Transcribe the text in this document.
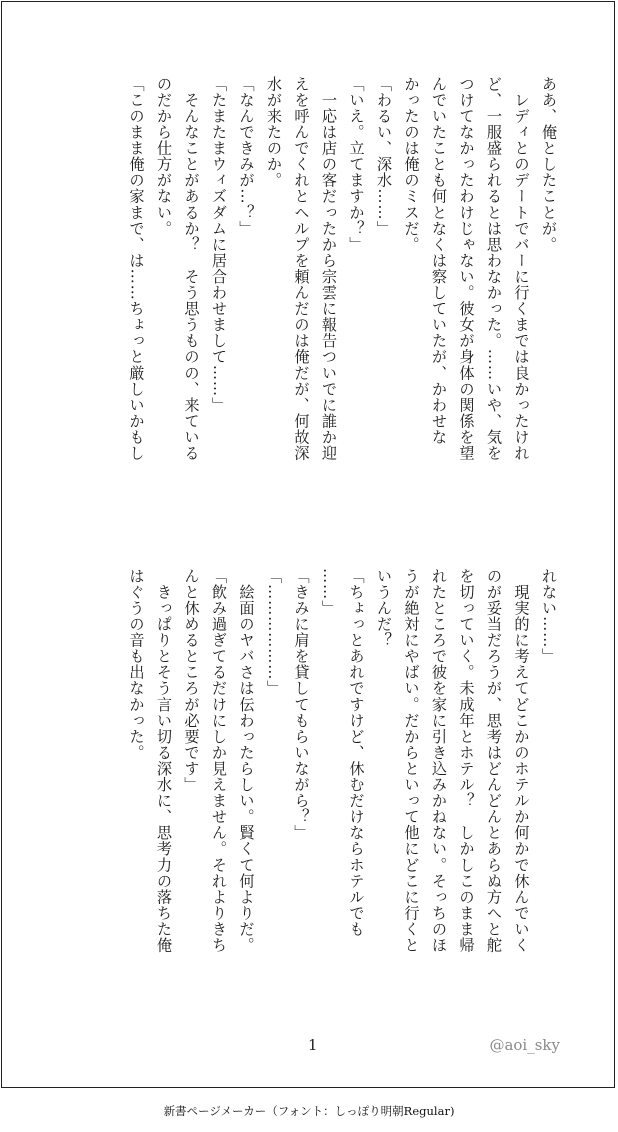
ああ、俺としたことが。
　レディとのデートでバーに行くまでは良かったけれ
ど、一服盛られるとは思わなかった。……いや、気を
つけてなかったわけじゃない。彼女が身体の関係を望
んでいたことも何となくは察していたが、かわせな
かったのは俺のミスだ。
「わるい、深水……」
「いえ。立てますか？」
　一応は店の客だったから宗雲に報告ついでに誰か迎
えを呼んでくれとヘルプを頼んだのは俺だが、何故深
水が来たのか。
「なんできみが…？」
「たまたまウィズダムに居合わせまして……」
　そんなことがあるか？　そう思うものの、来ている
のだから仕方がない。
「このまま俺の家まで、は……ちょっと厳しいかもし
れない……」
　現実的に考えてどこかのホテルか何かで休んでいく
のが妥当だろうが、思考はどんどんとあらぬ方へと舵
を切っていく。未成年とホテル？　しかしこのまま帰
れたところで彼を家に引き込みかねない。そっちのほ
うが絶対にやばい。だからといって他にどこに行くと
いうんだ？
「ちょっとあれですけど、休むだけならホテルでも
……」
「きみに肩を貸してもらいながら？」
「………………」
　絵面のヤバさは伝わったらしい。賢くて何よりだ。
「飲み過ぎてるだけにしか見えません。それよりきち
んと休めるところが必要です」
　きっぱりとそう言い切る深水に、思考力の落ちた俺
はぐうの音も出なかった。
1	@aoi_sky
新書ページメーカー（フォント：しっぽり明朝Regular)
